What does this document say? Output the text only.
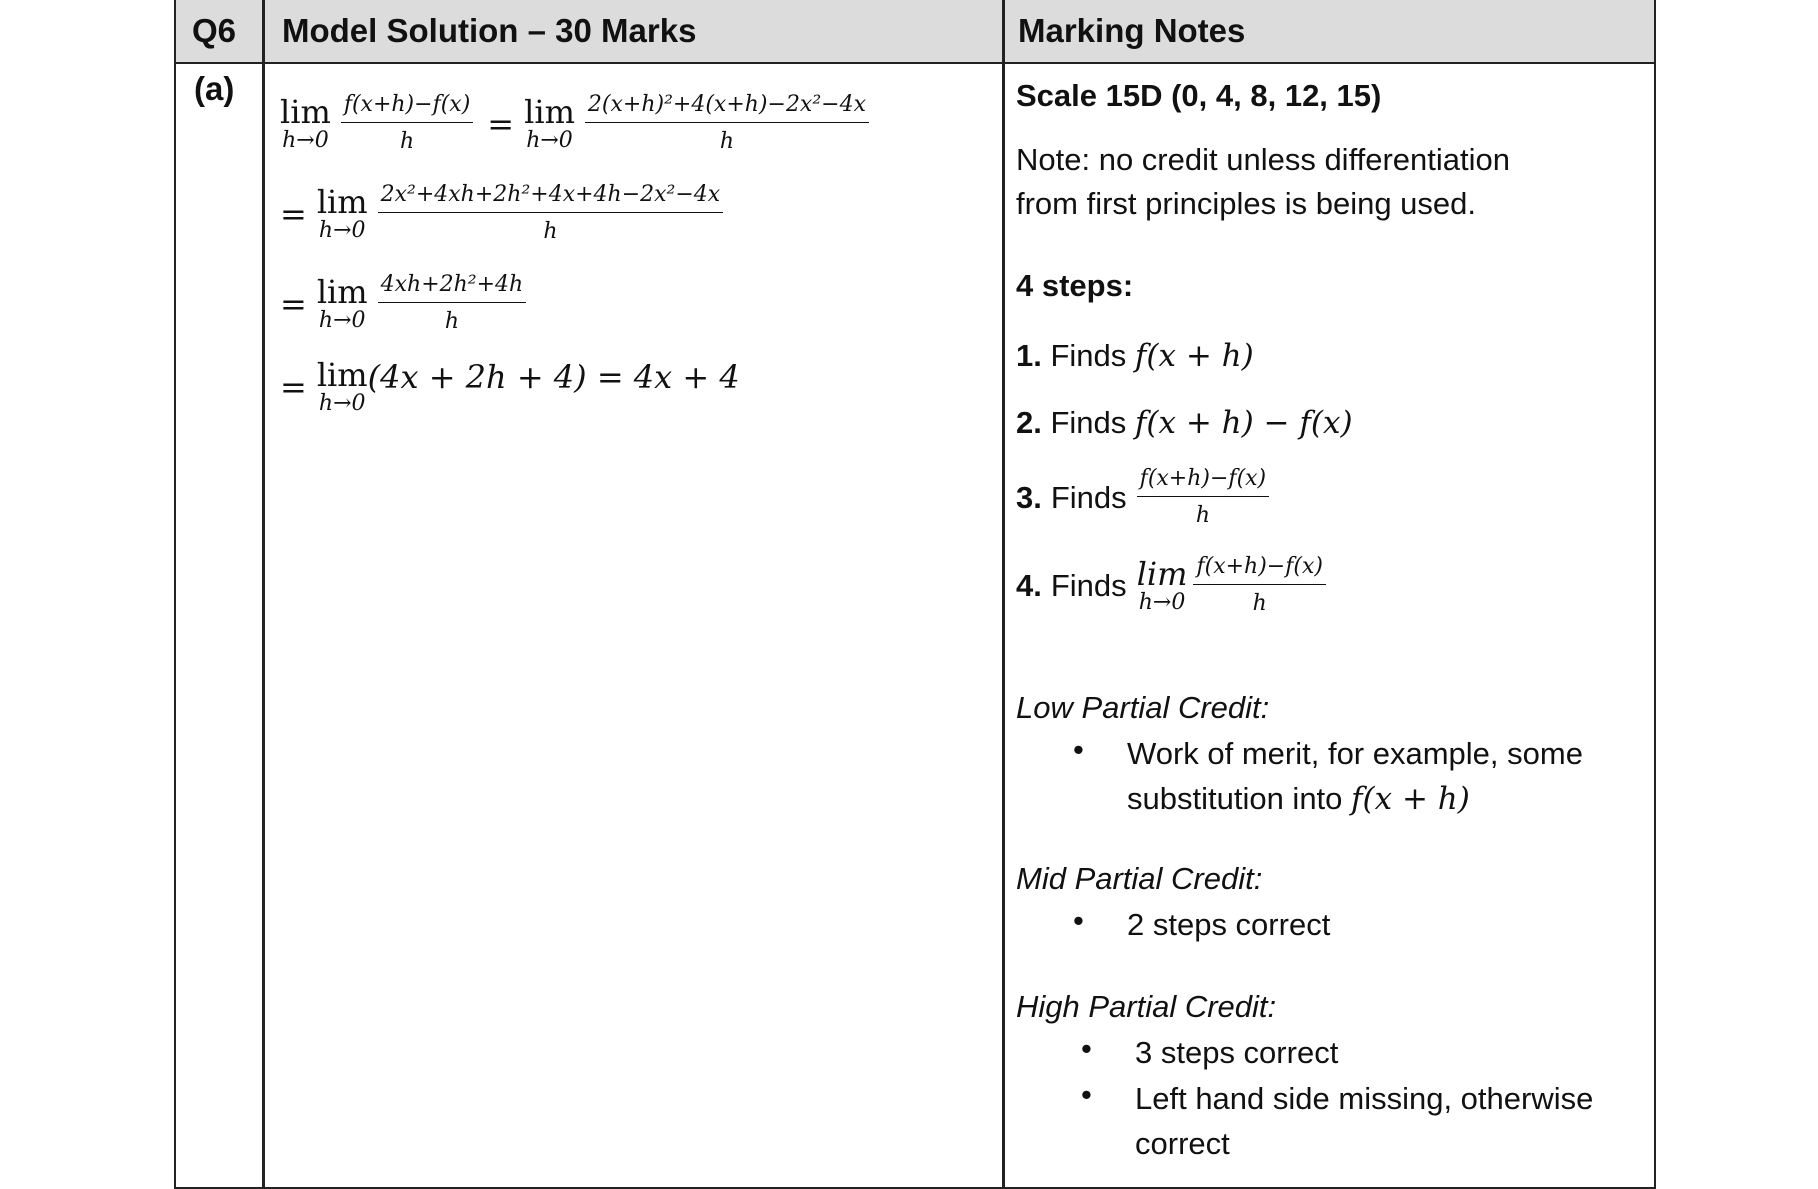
Q6 Model Solution – 30 Marks	Marking Notes
(a)
lim
$h\to 0 \frac{f(x+h)-f(x)}{h} = \lim$
$h\to 0 \frac{\text{2(x+h)²+4(x+h)−2x²−4x}}{h}$
= lim
$h\to 0 \frac{\text{2x²+4xh+2h²+4x+4h−2x²−4x}}{h}$
= lim
$h\to 0 \frac{\text{4xh+2h²+4h}}{h}$
= lim
h→0
(4x + 2h + 4) = 4x + 4
Scale 15D (0, 4, 8, 12, 15)
Note: no credit unless differentiation
from first principles is being used.
4 steps:
1. Finds f(x + h)
2. Finds f(x + h) − f(x)
3. Finds $\frac{f(x+h)-f(x)}{h}$
4. Finds lim
$h\to 0 \frac{f(x+h)-f(x)}{h}$
Low Partial Credit:
• Work of merit, for example, some
substitution into f(x + h)
Mid Partial Credit:
• 2 steps correct
High Partial Credit:
• 3 steps correct
• Left hand side missing, otherwise
correct
